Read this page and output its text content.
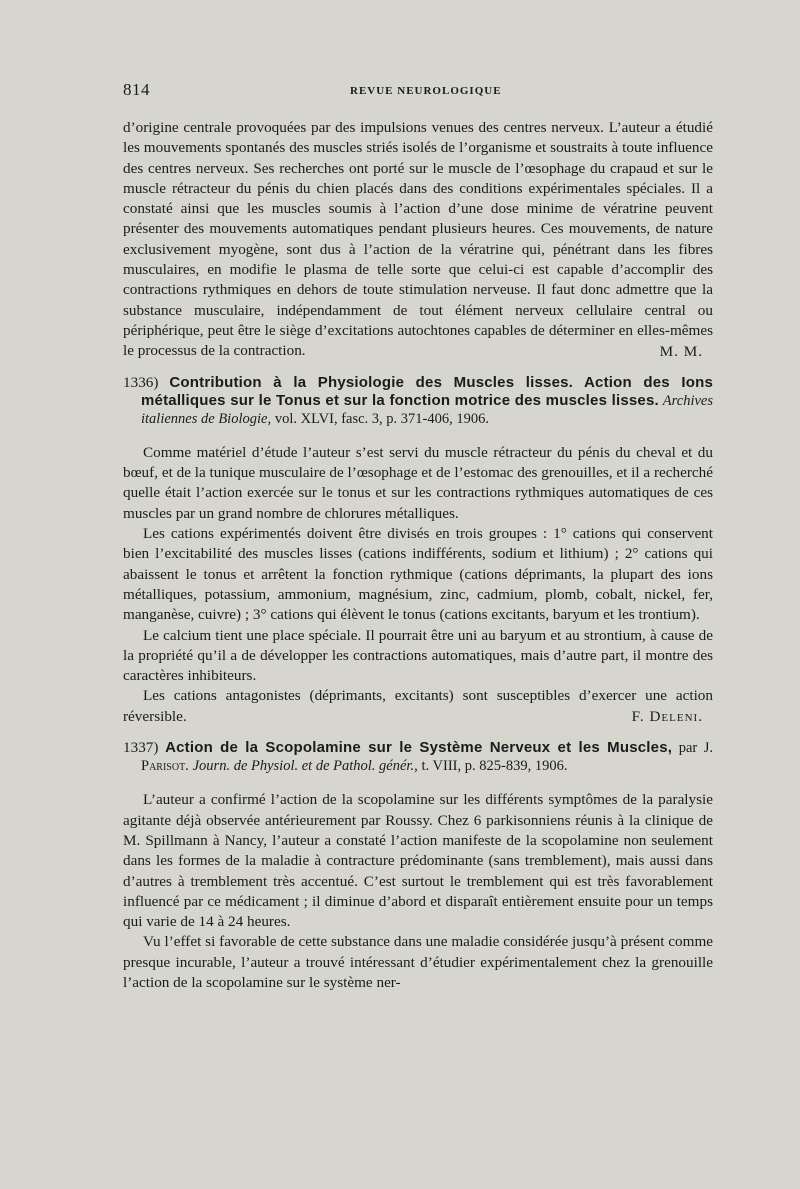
814	REVUE NEUROLOGIQUE

d’origine centrale provoquées par des impulsions venues des centres nerveux. L’auteur a étudié les mouvements spontanés des muscles striés isolés de l’organisme et soustraits à toute influence des centres nerveux. Ses recherches ont porté sur le muscle de l’œsophage du crapaud et sur le muscle rétracteur du pénis du chien placés dans des conditions expérimentales spéciales. Il a constaté ainsi que les muscles soumis à l’action d’une dose minime de vératrine peuvent présenter des mouvements automatiques pendant plusieurs heures. Ces mouvements, de nature exclusivement myogène, sont dus à l’action de la vératrine qui, pénétrant dans les fibres musculaires, en modifie le plasma de telle sorte que celui-ci est capable d’accomplir des contractions rythmiques en dehors de toute stimulation nerveuse. Il faut donc admettre que la substance musculaire, indépendamment de tout élément nerveux cellulaire central ou périphérique, peut être le siège d’excitations autochtones capables de déterminer en elles-mêmes le processus de la contraction.	M. M.

1336) Contribution à la Physiologie des Muscles lisses. Action des Ions métalliques sur le Tonus et sur la fonction motrice des muscles lisses. Archives italiennes de Biologie, vol. XLVI, fasc. 3, p. 371-406, 1906.

Comme matériel d’étude l’auteur s’est servi du muscle rétracteur du pénis du cheval et du bœuf, et de la tunique musculaire de l’œsophage et de l’estomac des grenouilles, et il a recherché quelle était l’action exercée sur le tonus et sur les contractions rythmiques automatiques de ces muscles par un grand nombre de chlorures métalliques.

Les cations expérimentés doivent être divisés en trois groupes : 1° cations qui conservent bien l’excitabilité des muscles lisses (cations indifférents, sodium et lithium) ; 2° cations qui abaissent le tonus et arrêtent la fonction rythmique (cations déprimants, la plupart des ions métalliques, potassium, ammonium, magnésium, zinc, cadmium, plomb, cobalt, nickel, fer, manganèse, cuivre) ; 3° cations qui élèvent le tonus (cations excitants, baryum et les trontium).

Le calcium tient une place spéciale. Il pourrait être uni au baryum et au strontium, à cause de la propriété qu’il a de développer les contractions automatiques, mais d’autre part, il montre des caractères inhibiteurs.

Les cations antagonistes (déprimants, excitants) sont susceptibles d’exercer une action réversible.	F. Deleni.

1337) Action de la Scopolamine sur le Système Nerveux et les Muscles, par J. Parisot. Journ. de Physiol. et de Pathol. génér., t. VIII, p. 825-839, 1906.

L’auteur a confirmé l’action de la scopolamine sur les différents symptômes de la paralysie agitante déjà observée antérieurement par Roussy. Chez 6 parkisonniens réunis à la clinique de M. Spillmann à Nancy, l’auteur a constaté l’action manifeste de la scopolamine non seulement dans les formes de la maladie à contracture prédominante (sans tremblement), mais aussi dans d’autres à tremblement très accentué. C’est surtout le tremblement qui est très favorablement influencé par ce médicament ; il diminue d’abord et disparaît entièrement ensuite pour un temps qui varie de 14 à 24 heures.

Vu l’effet si favorable de cette substance dans une maladie considérée jusqu’à présent comme presque incurable, l’auteur a trouvé intéressant d’étudier expérimentalement chez la grenouille l’action de la scopolamine sur le système ner-
